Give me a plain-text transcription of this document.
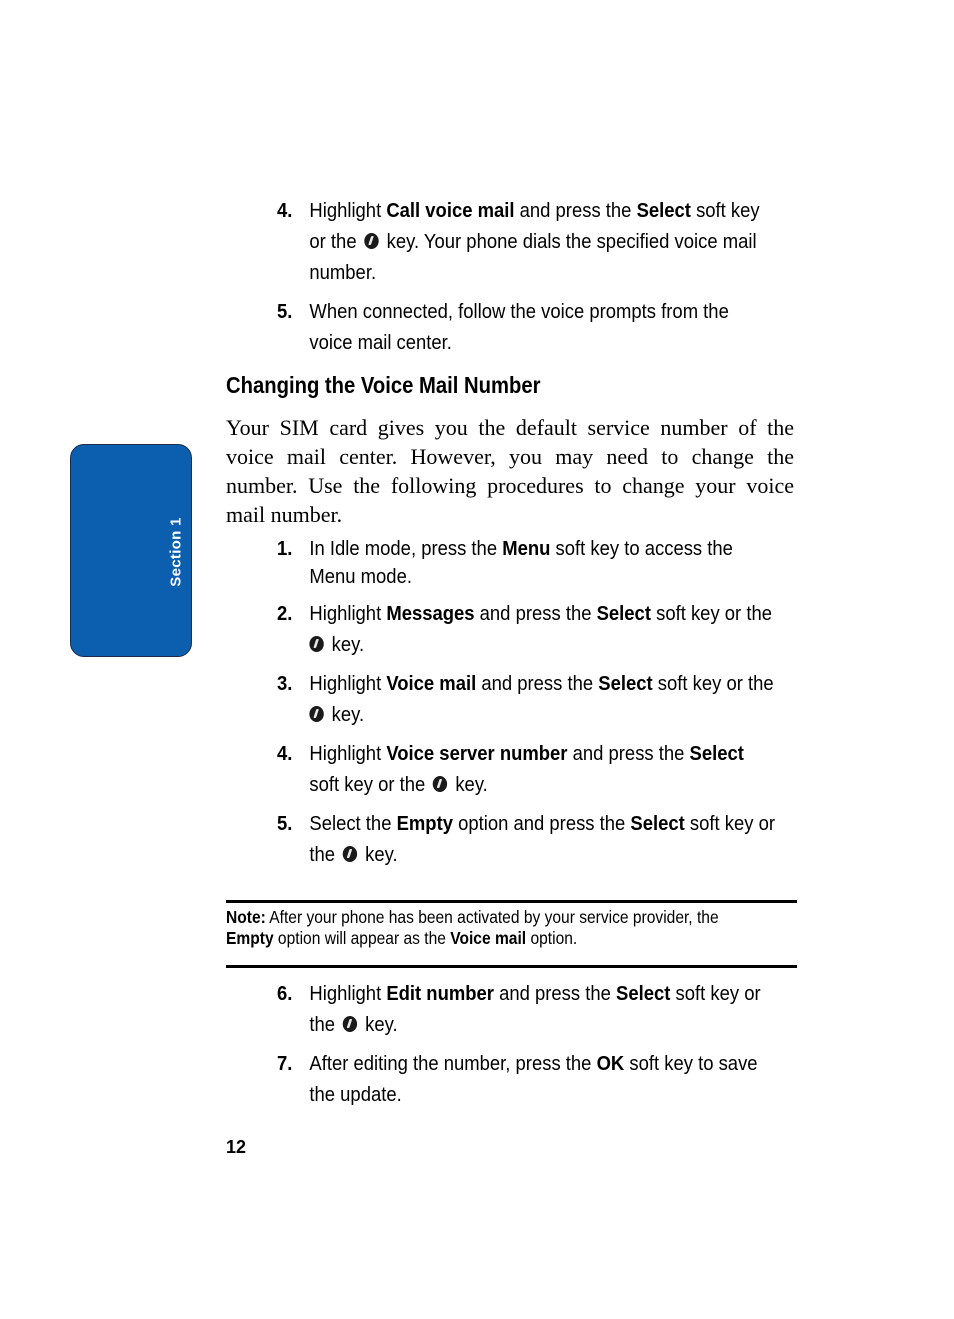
Section 1
4. Highlight Call voice mail and press the Select soft key
or the  key. Your phone dials the specified voice mail
number.
5. When connected, follow the voice prompts from the
voice mail center.
Changing the Voice Mail Number
Your SIM card gives you the default service number of the voice mail center. However, you may need to change the number. Use the following procedures to change your voice mail number.
1. In Idle mode, press the Menu soft key to access the
Menu mode.
2. Highlight Messages and press the Select soft key or the
key.
3. Highlight Voice mail and press the Select soft key or the
key.
4. Highlight Voice server number and press the Select
soft key or the  key.
5. Select the Empty option and press the Select soft key or
the  key.
Note: After your phone has been activated by your service provider, the
Empty option will appear as the Voice mail option.
6. Highlight Edit number and press the Select soft key or
the  key.
7. After editing the number, press the OK soft key to save
the update.
12
